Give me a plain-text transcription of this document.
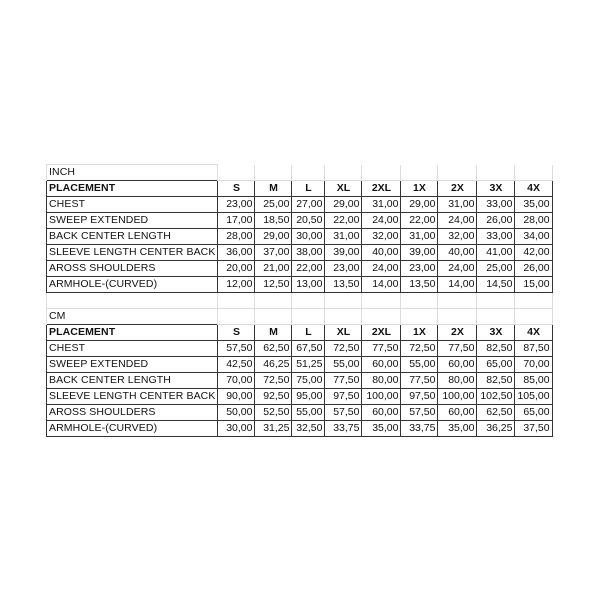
INCH									
PLACEMENT	S	M	L	XL	2XL	1X	2X	3X	4X
CHEST	23,00	25,00	27,00	29,00	31,00	29,00	31,00	33,00	35,00
SWEEP EXTENDED	17,00	18,50	20,50	22,00	24,00	22,00	24,00	26,00	28,00
BACK CENTER LENGTH	28,00	29,00	30,00	31,00	32,00	31,00	32,00	33,00	34,00
SLEEVE LENGTH CENTER BACK	36,00	37,00	38,00	39,00	40,00	39,00	40,00	41,00	42,00
AROSS SHOULDERS	20,00	21,00	22,00	23,00	24,00	23,00	24,00	25,00	26,00
ARMHOLE-(CURVED)	12,00	12,50	13,00	13,50	14,00	13,50	14,00	14,50	15,00

CM									
PLACEMENT	S	M	L	XL	2XL	1X	2X	3X	4X
CHEST	57,50	62,50	67,50	72,50	77,50	72,50	77,50	82,50	87,50
SWEEP EXTENDED	42,50	46,25	51,25	55,00	60,00	55,00	60,00	65,00	70,00
BACK CENTER LENGTH	70,00	72,50	75,00	77,50	80,00	77,50	80,00	82,50	85,00
SLEEVE LENGTH CENTER BACK	90,00	92,50	95,00	97,50	100,00	97,50	100,00	102,50	105,00
AROSS SHOULDERS	50,00	52,50	55,00	57,50	60,00	57,50	60,00	62,50	65,00
ARMHOLE-(CURVED)	30,00	31,25	32,50	33,75	35,00	33,75	35,00	36,25	37,50
